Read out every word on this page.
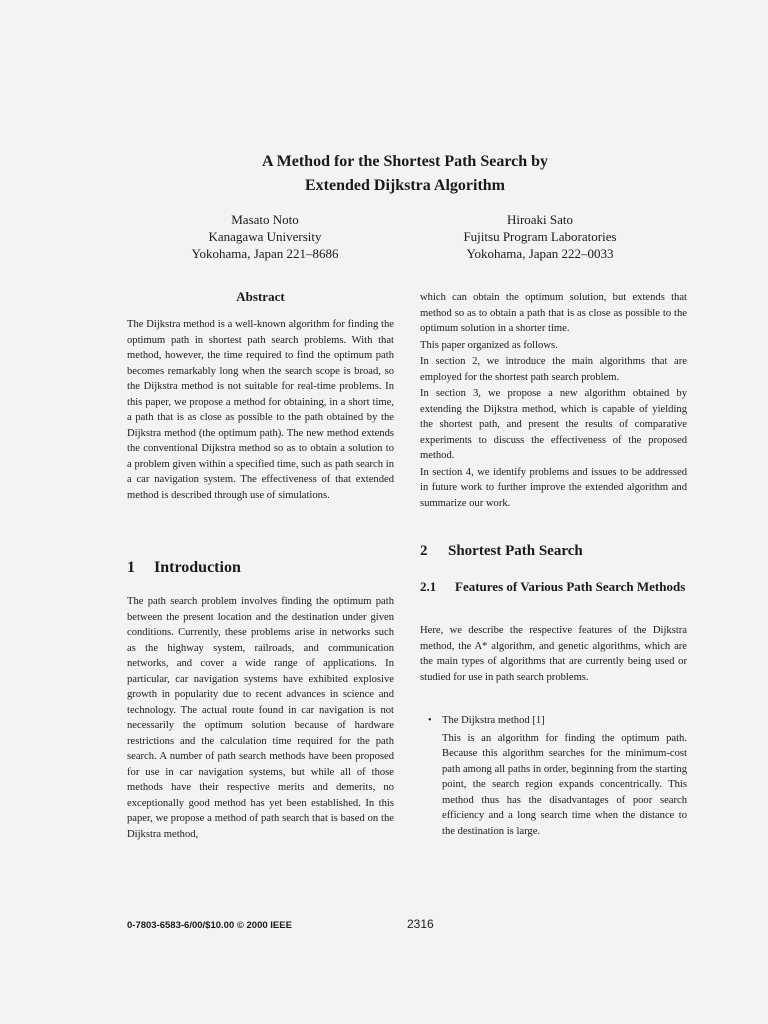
A Method for the Shortest Path Search by
Extended Dijkstra Algorithm
Masato Noto
Kanagawa University
Yokohama, Japan 221–8686
Hiroaki Sato
Fujitsu Program Laboratories
Yokohama, Japan 222–0033
Abstract

The Dijkstra method is a well-known algorithm for finding the optimum path in shortest path search problems. With that method, however, the time required to find the optimum path becomes remarkably long when the search scope is broad, so the Dijkstra method is not suitable for real-time problems. In this paper, we propose a method for obtaining, in a short time, a path that is as close as possible to the path obtained by the Dijkstra method (the optimum path). The new method extends the conventional Dijkstra method so as to obtain a solution to a problem given within a specified time, such as path search in a car navigation system. The effectiveness of that extended method is described through use of simulations.

1 Introduction

The path search problem involves finding the optimum path between the present location and the destination under given conditions. Currently, these problems arise in networks such as the highway system, railroads, and communication networks, and cover a wide range of applications. In particular, car navigation systems have exhibited explosive growth in popularity due to recent advances in science and technology. The actual route found in car navigation is not necessarily the optimum solution because of hardware restrictions and the calculation time required for the path search. A number of path search methods have been proposed for use in car navigation systems, but while all of those methods have their respective merits and demerits, no exceptionally good method has yet been established. In this paper, we propose a method of path search that is based on the Dijkstra method,

which can obtain the optimum solution, but extends that method so as to obtain a path that is as close as possible to the optimum solution in a shorter time.

This paper organized as follows.

In section 2, we introduce the main algorithms that are employed for the shortest path search problem.

In section 3, we propose a new algorithm obtained by extending the Dijkstra method, which is capable of yielding the shortest path, and present the results of comparative experiments to discuss the effectiveness of the proposed method.

In section 4, we identify problems and issues to be addressed in future work to further improve the extended algorithm and summarize our work.

2 Shortest Path Search
2.1 Features of Various Path Search Methods

Here, we describe the respective features of the Dijkstra method, the A* algorithm, and genetic algorithms, which are the main types of algorithms that are currently being used or studied for use in path search problems.

• The Dijkstra method [1]

This is an algorithm for finding the optimum path. Because this algorithm searches for the minimum-cost path among all paths in order, beginning from the starting point, the search region expands concentrically. This method thus has the disadvantages of poor search efficiency and a long search time when the distance to the destination is large.

0-7803-6583-6/00/$10.00 © 2000 IEEE	2316
